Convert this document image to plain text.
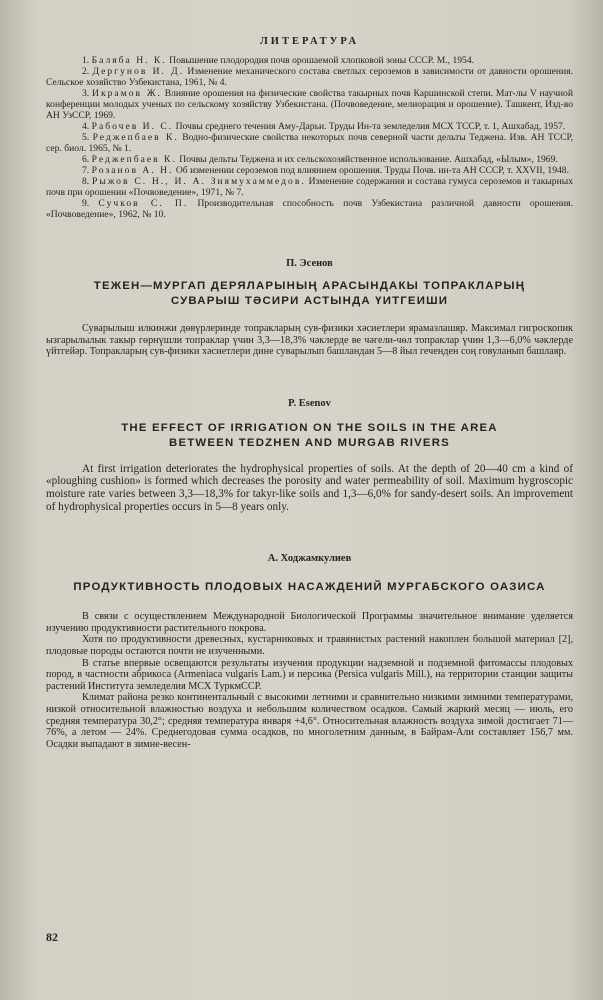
ЛИТЕРАТУРА

1. Баляба Н. К. Повышение плодородия почв орошаемой хлопковой зоны СССР. М., 1954.

2. Дергунов И. Д. Изменение механического состава светлых сероземов в зависимости от давности орошения. Сельское хозяйство Узбекистана, 1961, № 4.

3. Икрамов Ж. Влияние орошения на физические свойства такырных почв Каршинской степи. Мат-лы V научной конференции молодых ученых по сельскому хозяйству Узбекистана. (Почвоведение, мелиорация и орошение). Ташкент, Изд-во АН УзССР, 1969.

4. Рабочев И. С. Почвы среднего течения Аму-Дарьи. Труды Ин-та земледелия МСХ ТССР, т. 1, Ашхабад, 1957.

5. Реджепбаев К. Водно-физические свойства некоторых почв северной части дельты Теджена. Изв. АН ТССР, сер. биол. 1965, № 1.

6. Реджепбаев К. Почвы дельты Теджена и их сельскохозяйственное использование. Ашхабад, «Ылым», 1969.

7. Розанов А. Н. Об изменении сероземов под влиянием орошения. Труды Почв. ин-та АН СССР, т. XXVII, 1948.

8. Рыжов С. Н., И. А. Зиямухаммедов. Изменение содержания и состава гумуса сероземов и такырных почв при орошении «Почвоведение», 1971, № 7.

9. Сучков С. П. Производительная способность почв Узбекистана различной давности орошения. «Почвоведение», 1962, № 10.

П. Эсенов

ТЕЖЕН—МУРГАП ДЕРЯЛАРЫНЫҢ АРАСЫНДАКЫ ТОПРАКЛАРЫҢ

СУВАРЫШ ТӘСИРИ АСТЫНДА ҮИТГЕИШИ

Суварылыш илкинжи дөвүрлеринде топракларың сув-физики хәсиетлери ярамазлашяр. Максимал гигроскопик ызгарылылык такыр гөрнүшли топраклар үчин 3,3—18,3% чәклерде ве чәгели-чөл топраклар үчин 1,3—6,0% чәклерде үйтгейәр. Топракларың сув-физики хәсиетлери дине суварылып башландан 5—8 йыл геченден соң говуланып башлаяр.

P. Esenov

THE EFFECT OF IRRIGATION ON THE SOILS IN THE AREA

BETWEEN TEDZHEN AND MURGAB RIVERS

At first irrigation deteriorates the hydrophysical properties of soils. At the depth of 20—40 cm a kind of «ploughing cushion» is formed which decreases the porosity and water permeability of soil. Maximum hygroscopic moisture rate varies between 3,3—18,3% for takyr-like soils and 1,3—6,0% for sandy-desert soils. An improvement of hydrophysical properties occurs in 5—8 years only.

А. Ходжамкулиев

ПРОДУКТИВНОСТЬ ПЛОДОВЫХ НАСАЖДЕНИЙ МУРГАБСКОГО ОАЗИСА

В связи с осуществлением Международной Биологической Программы значительное внимание уделяется изучению продуктивности растительного покрова.

Хотя по продуктивности древесных, кустарниковых и травянистых растений накоплен большой материал [2], плодовые породы остаются почти не изученными.

В статье впервые освещаются результаты изучения продукции надземной и подземной фитомассы плодовых пород, в частности абрикоса (Armeniaca vulgaris Lam.) и персика (Persica vulgaris Mill.), на территории станции защиты растений Института земледелия МСХ ТуркмССР.

Климат района резко континентальный с высокими летними и сравнительно низкими зимними температурами, низкой относительной влажностью воздуха и небольшим количеством осадков. Самый жаркий месяц — июль, его средняя температура 30,2°; средняя температура января +4,6°. Относительная влажность воздуха зимой достигает 71—76%, а летом — 24%. Среднегодовая сумма осадков, по многолетним данным, в Байрам-Али составляет 156,7 мм. Осадки выпадают в зимне-весен-

82
